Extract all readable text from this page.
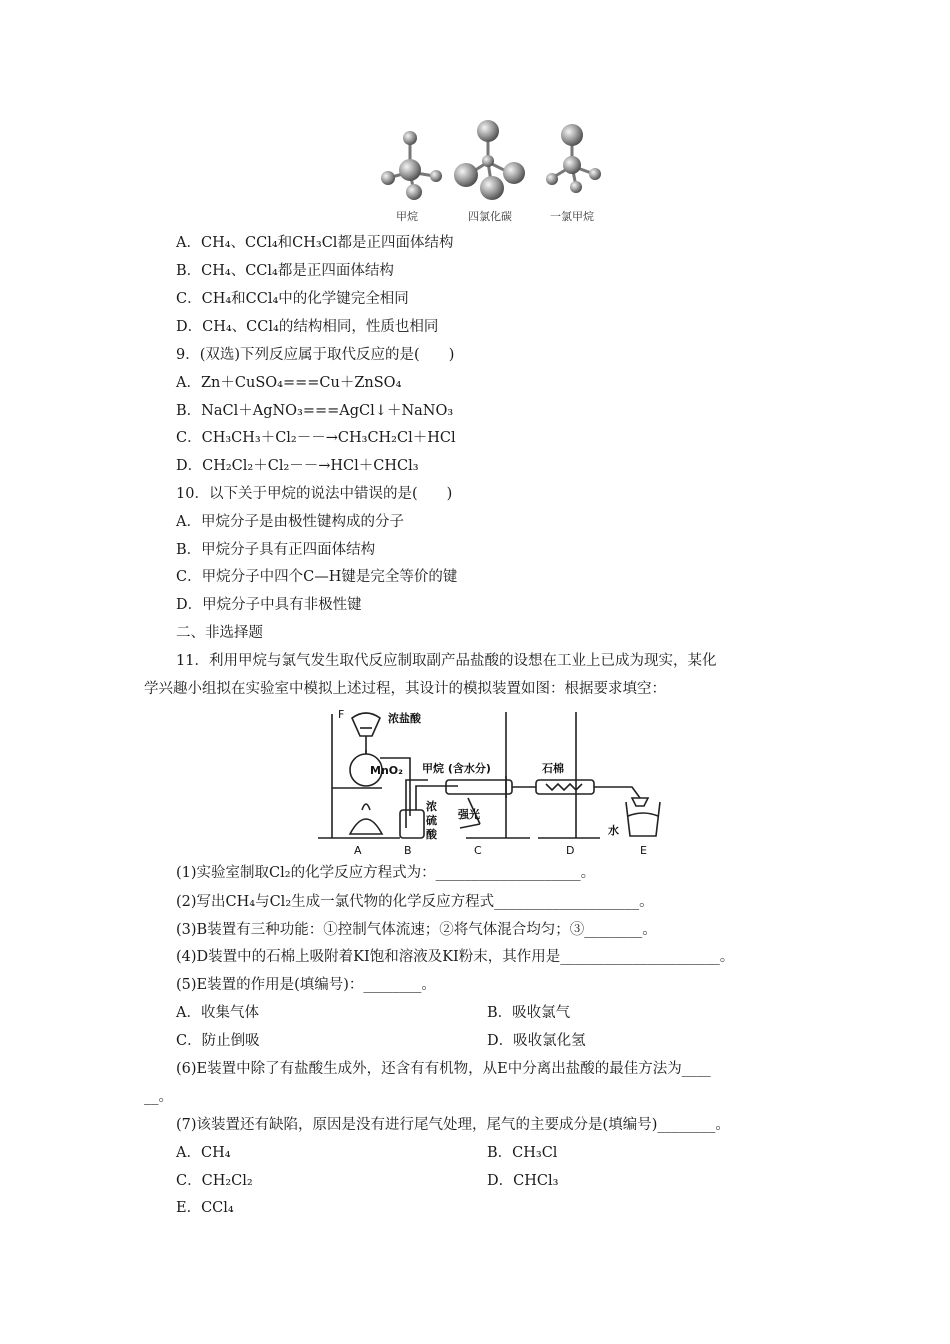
甲烷	四氯化碳	一氯甲烷
A．CH₄、CCl₄和CH₃Cl都是正四面体结构
B．CH₄、CCl₄都是正四面体结构
C．CH₄和CCl₄中的化学键完全相同
D．CH₄、CCl₄的结构相同，性质也相同
9．(双选)下列反应属于取代反应的是(　　)
A．Zn＋CuSO₄===Cu＋ZnSO₄
B．NaCl＋AgNO₃===AgCl↓＋NaNO₃
C．CH₃CH₃＋Cl₂－－→CH₃CH₂Cl＋HCl
D．CH₂Cl₂＋Cl₂－－→HCl＋CHCl₃
10．以下关于甲烷的说法中错误的是(　　)
A．甲烷分子是由极性键构成的分子
B．甲烷分子具有正四面体结构
C．甲烷分子中四个C—H键是完全等价的键
D．甲烷分子中具有非极性键
二、非选择题
11．利用甲烷与氯气发生取代反应制取副产品盐酸的设想在工业上已成为现实，某化
学兴趣小组拟在实验室中模拟上述过程，其设计的模拟装置如图：根据要求填空：
F	浓盐酸
MnO₂ 甲烷 (含水分)	石棉
浓
硫
酸
强光
水
A	B	C	D	E
(1)实验室制取Cl₂的化学反应方程式为：____________________。
(2)写出CH₄与Cl₂生成一氯代物的化学反应方程式____________________。
(3)B装置有三种功能：①控制气体流速；②将气体混合均匀；③________。
(4)D装置中的石棉上吸附着KI饱和溶液及KI粉末，其作用是______________________。
(5)E装置的作用是(填编号)：________。
A．收集气体	B．吸收氯气
C．防止倒吸	D．吸收氯化氢
(6)E装置中除了有盐酸生成外，还含有有机物，从E中分离出盐酸的最佳方法为____
__。
(7)该装置还有缺陷，原因是没有进行尾气处理，尾气的主要成分是(填编号)________。
A．CH₄	B．CH₃Cl
C．CH₂Cl₂	D．CHCl₃
E．CCl₄
